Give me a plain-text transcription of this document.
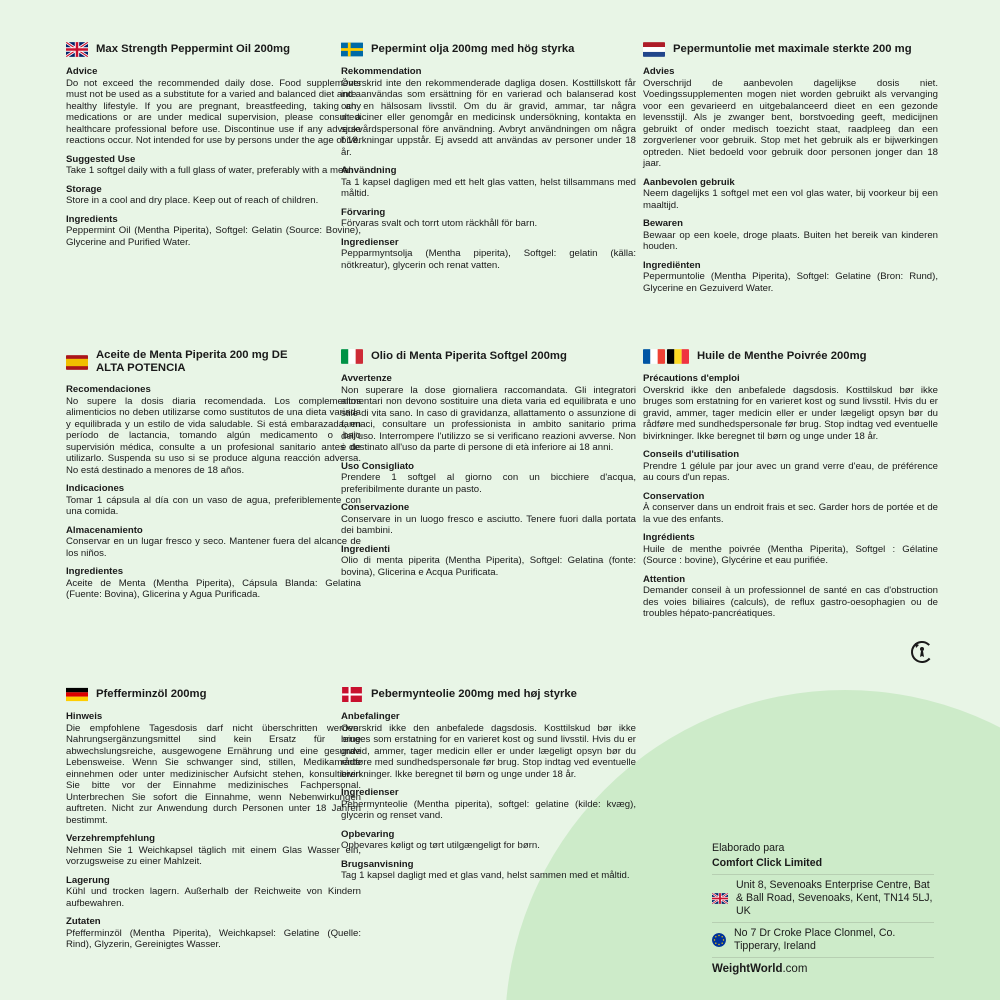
Max Strength Peppermint Oil 200mg
Advice
Do not exceed the recommended daily dose. Food supplements must not be used as a substitute for a varied and balanced diet and a healthy lifestyle. If you are pregnant, breastfeeding, taking any medications or are under medical supervision, please consult a healthcare professional before use. Discontinue use if any adverse reactions occur. Not intended for use by persons under the age of 18.
Suggested Use
Take 1 softgel daily with a full glass of water, preferably with a meal.
Storage
Store in a cool and dry place. Keep out of reach of children.
Ingredients
Peppermint Oil (Mentha Piperita), Softgel: Gelatin (Source: Bovine), Glycerine and Purified Water.
Pepermint olja 200mg med hög styrka
Rekommendation
Överskrid inte den rekommenderade dagliga dosen. Kosttillskott får inte användas som ersättning för en varierad och balanserad kost och en hälsosam livsstil. Om du är gravid, ammar, tar några mediciner eller genomgår en medicinsk undersökning, kontakta en sjukvårdspersonal före användning. Avbryt användningen om några biverkningar uppstår. Ej avsedd att användas av personer under 18 år.
Användning
Ta 1 kapsel dagligen med ett helt glas vatten, helst tillsammans med måltid.
Förvaring
Förvaras svalt och torrt utom räckhåll för barn.
Ingredienser
Pepparmyntsolja (Mentha piperita), Softgel: gelatin (källa: nötkreatur), glycerin och renat vatten.
Pepermuntolie met maximale sterkte 200 mg
Advies
Overschrijd de aanbevolen dagelijkse dosis niet. Voedingssupplementen mogen niet worden gebruikt als vervanging voor een gevarieerd en uitgebalanceerd dieet en een gezonde levensstijl. Als je zwanger bent, borstvoeding geeft, medicijnen gebruikt of onder medisch toezicht staat, raadpleeg dan een zorgverlener voor gebruik. Stop met het gebruik als er bijwerkingen optreden. Niet bedoeld voor gebruik door personen jonger dan 18 jaar.
Aanbevolen gebruik
Neem dagelijks 1 softgel met een vol glas water, bij voorkeur bij een maaltijd.
Bewaren
Bewaar op een koele, droge plaats. Buiten het bereik van kinderen houden.
Ingrediënten
Pepermuntolie (Mentha Piperita), Softgel: Gelatine (Bron: Rund), Glycerine en Gezuiverd Water.
Aceite de Menta Piperita 200 mg DE ALTA POTENCIA
Recomendaciones
No supere la dosis diaria recomendada. Los complementos alimenticios no deben utilizarse como sustitutos de una dieta variada y equilibrada y un estilo de vida saludable. Si está embarazada, en período de lactancia, tomando algún medicamento o bajo supervisión médica, consulte a un profesional sanitario antes de utilizarlo. Suspenda su uso si se produce alguna reacción adversa. No está destinado a menores de 18 años.
Indicaciones
Tomar 1 cápsula al día con un vaso de agua, preferiblemente con una comida.
Almacenamiento
Conservar en un lugar fresco y seco. Mantener fuera del alcance de los niños.
Ingredientes
Aceite de Menta (Mentha Piperita), Cápsula Blanda: Gelatina (Fuente: Bovina), Glicerina y Agua Purificada.
Olio di Menta Piperita Softgel 200mg
Avvertenze
Non superare la dose giornaliera raccomandata. Gli integratori alimentari non devono sostituire una dieta varia ed equilibrata e uno stile di vita sano. In caso di gravidanza, allattamento o assunzione di farmaci, consultare un professionista in ambito sanitario prima dell'uso. Interrompere l'utilizzo se si verificano reazioni avverse. Non è destinato all'uso da parte di persone di età inferiore ai 18 anni.
Uso Consigliato
Prendere 1 softgel al giorno con un bicchiere d'acqua, preferibilmente durante un pasto.
Conservazione
Conservare in un luogo fresco e asciutto. Tenere fuori dalla portata dei bambini.
Ingredienti
Olio di menta piperita (Mentha Piperita), Softgel: Gelatina (fonte: bovina), Glicerina e Acqua Purificata.
Huile de Menthe Poivrée 200mg
Précautions d'emploi
Overskrid ikke den anbefalede dagsdosis. Kosttilskud bør ikke bruges som erstatning for en varieret kost og sund livsstil. Hvis du er gravid, ammer, tager medicin eller er under lægeligt opsyn bør du rådføre med sundhedspersonale før brug. Stop indtag ved eventuelle bivirkninger. Ikke beregnet til børn og unge under 18 år.
Conseils d'utilisation
Prendre 1 gélule par jour avec un grand verre d'eau, de préférence au cours d'un repas.
Conservation
À conserver dans un endroit frais et sec. Garder hors de portée et de la vue des enfants.
Ingrédients
Huile de menthe poivrée (Mentha Piperita), Softgel : Gélatine (Source : bovine), Glycérine et eau purifiée.
Attention
Demander conseil à un professionnel de santé en cas d'obstruction des voies biliaires (calculs), de reflux gastro-oesophagien ou de troubles hépato-pancréatiques.
Pfefferminzöl 200mg
Hinweis
Die empfohlene Tagesdosis darf nicht überschritten werden. Nahrungsergänzungsmittel sind kein Ersatz für eine abwechslungsreiche, ausgewogene Ernährung und eine gesunde Lebensweise. Wenn Sie schwanger sind, stillen, Medikamente einnehmen oder unter medizinischer Aufsicht stehen, konsultieren Sie bitte vor der Einnahme medizinisches Fachpersonal. Unterbrechen Sie sofort die Einnahme, wenn Nebenwirkungen auftreten. Nicht zur Anwendung durch Personen unter 18 Jahren bestimmt.
Verzehrempfehlung
Nehmen Sie 1 Weichkapsel täglich mit einem Glas Wasser ein, vorzugsweise zu einer Mahlzeit.
Lagerung
Kühl und trocken lagern. Außerhalb der Reichweite von Kindern aufbewahren.
Zutaten
Pfefferminzöl (Mentha Piperita), Weichkapsel: Gelatine (Quelle: Rind), Glyzerin, Gereinigtes Wasser.
Pebermynteolie 200mg med høj styrke
Anbefalinger
Overskrid ikke den anbefalede dagsdosis. Kosttilskud bør ikke bruges som erstatning for en varieret kost og sund livsstil. Hvis du er gravid, ammer, tager medicin eller er under lægeligt opsyn bør du rådføre med sundhedspersonale før brug. Stop indtag ved eventuelle bivirkninger. Ikke beregnet til børn og unge under 18 år.
Ingredienser
Pebermynteolie (Mentha piperita), softgel: gelatine (kilde: kvæg), glycerin og renset vand.
Opbevaring
Opbevares køligt og tørt utilgængeligt for børn.
Brugsanvisning
Tag 1 kapsel dagligt med et glas vand, helst sammen med et måltid.
Elaborado para
Comfort Click Limited
Unit 8, Sevenoaks Enterprise Centre, Bat & Ball Road, Sevenoaks, Kent, TN14 5LJ, UK
No 7 Dr Croke Place Clonmel, Co. Tipperary, Ireland
WeightWorld.com
